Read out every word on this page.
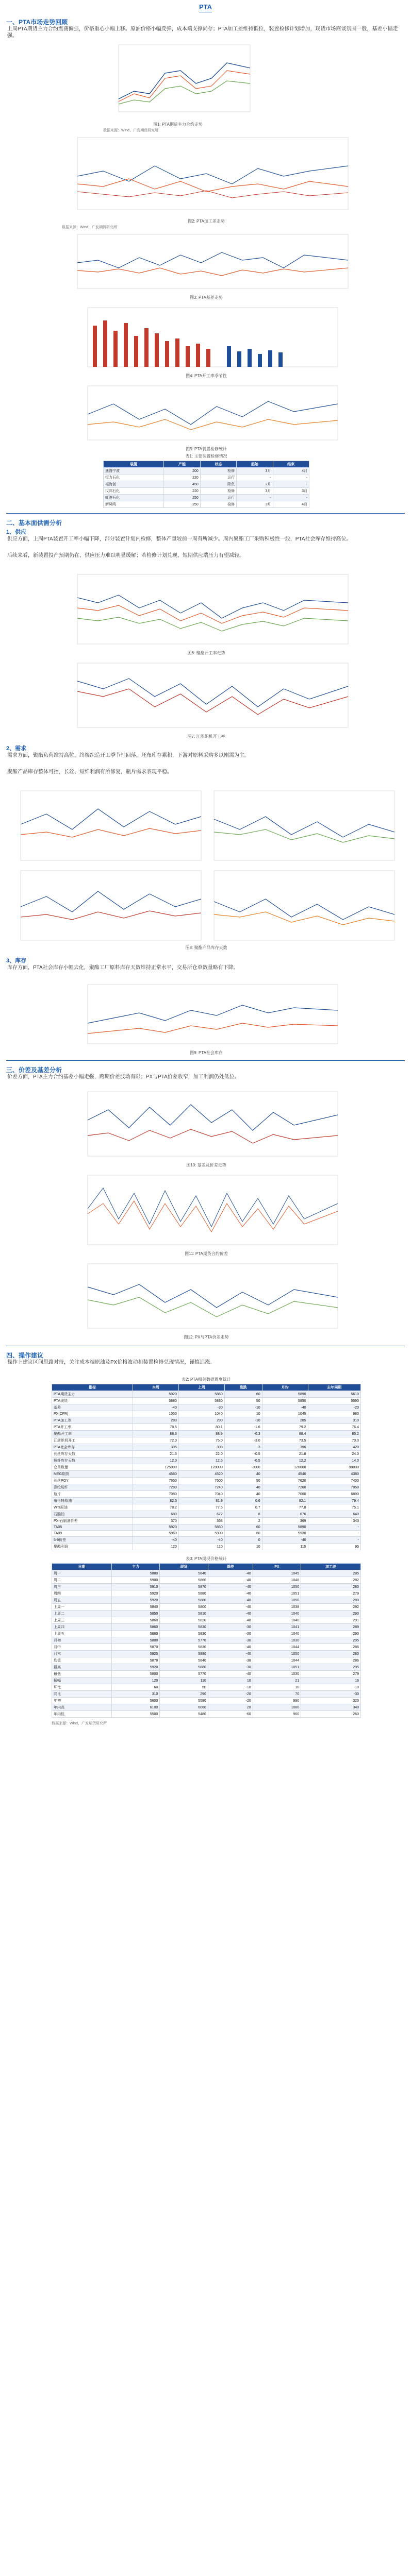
PTA
一、PTA市场走势回顾
上周PTA期货主力合约震荡偏强，价格重心小幅上移。原油价格小幅反弹，成本端支撑尚存；PTA加工差维持低位，装置检修计划增加，现货市场商谈氛围一般，基差小幅走强。
图1: PTA期货主力合约走势
数据来源：Wind、广发期货研究所
图2: PTA加工差走势
数据来源：Wind、广发期货研究所
图3: PTA基差走势
图4: PTA开工率季节性
图5: PTA装置检修统计
表1: 主要装置检修情况
装置	产能	状态	起始	结束
逸盛宁波	200	检修	3月	4月
恒力石化	220	运行	-	-
福海创	450	降负	2月	-
汉邦石化	220	检修	3月	3月
虹港石化	250	运行	-	-
新凤鸣	250	检修	3月	4月
二、基本面供需分析
1、供应
供应方面，上周PTA装置开工率小幅下降，部分装置计划内检修，整体产量较前一周有所减少。周内聚酯工厂采购积极性一般，PTA社会库存维持高位。
后续来看，新装置投产预期仍在，供应压力难以明显缓解；若检修计划兑现，短期供应端压力有望减轻。
图6: 聚酯开工率走势
图7: 江浙织机开工率
2、需求
需求方面，聚酯负荷维持高位，终端织造开工季节性回落，坯布库存累积，下游对原料采购多以刚需为主。
聚酯产品库存整体可控，长丝、短纤利润有所修复，瓶片需求表现平稳。
图8: 聚酯产品库存天数
3、库存
库存方面，PTA社会库存小幅去化，聚酯工厂原料库存天数维持正常水平，交易所仓单数量略有下降。
图9: PTA社会库存
三、价差及基差分析
价差方面，PTA主力合约基差小幅走强，跨期价差波动有限；PX与PTA价差收窄，加工利润仍处低位。
图10: 基差及价差走势
图11: PTA期货合约价差
图12: PX与PTA价差走势
四、操作建议
操作上建议区间思路对待，关注成本端原油及PX价格波动和装置检修兑现情况，谨慎追涨。
表2: PTA相关数据周度统计
指标	本周	上周	涨跌	月均	去年同期
PTA期货主力	5920	5860	60	5890	5610
PTA现货	5880	5830	50	5850	5590
基差	-40	-30	-10	-40	-20
PX(CFR)	1050	1040	10	1045	980
PTA加工差	280	290	-10	285	310
PTA开工率	78.5	80.1	-1.6	79.2	76.4
聚酯开工率	88.6	88.9	-0.3	88.4	85.2
江浙织机开工	72.0	75.0	-3.0	73.5	70.0
PTA社会库存	395	398	-3	396	420
长丝库存天数	21.5	22.0	-0.5	21.8	24.0
短纤库存天数	12.0	12.5	-0.5	12.2	14.0
仓单数量	125000	128000	-3000	126000	98000
MEG期货	4560	4520	40	4540	4380
长丝POY	7650	7600	50	7620	7400
涤纶短纤	7280	7240	40	7260	7050
瓶片	7080	7040	40	7060	6890
布伦特原油	82.5	81.9	0.6	82.1	79.4
WTI原油	78.2	77.5	0.7	77.8	75.1
石脑油	680	672	8	676	640
PX-石脑油价差	370	368	2	369	340
TA05	5920	5860	60	5890	-
TA09	5960	5900	60	5930	-
5-9价差	-40	-40	0	-40	-
聚酯利润	120	110	10	115	95
表3: PTA期现价格统计
日期	主力	现货	基差	PX	加工差
周一	5880	5840	-40	1045	285
周二	5900	5860	-40	1048	282
周三	5910	5870	-40	1050	280
周四	5920	5880	-40	1051	279
周五	5920	5880	-40	1050	280
上周一	5840	5800	-40	1038	292
上周二	5850	5810	-40	1040	290
上周三	5860	5820	-40	1040	291
上周四	5860	5830	-30	1041	289
上周五	5860	5830	-30	1040	290
月初	5800	5770	-30	1030	295
月中	5870	5830	-40	1044	286
月末	5920	5880	-40	1050	280
均值	5878	5840	-38	1044	286
最高	5920	5880	-30	1051	295
最低	5800	5770	-40	1030	279
振幅	120	110	10	21	16
环比	60	50	-10	10	-10
同比	310	290	-20	70	-30
年初	5600	5580	-20	990	320
年内高	6100	6060	20	1080	340
年内低	5500	5480	-60	960	260
数据来源：Wind、广发期货研究所
